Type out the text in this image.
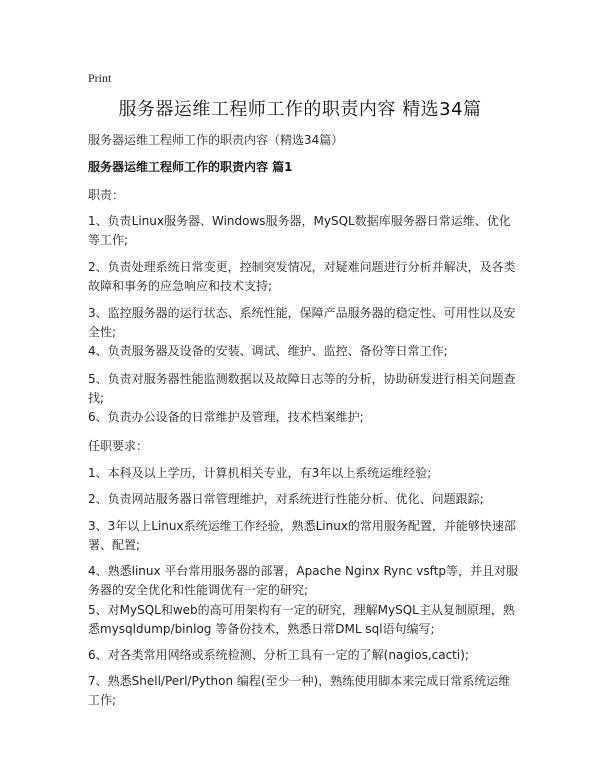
Print
服务器运维工程师工作的职责内容 精选34篇
服务器运维工程师工作的职责内容（精选34篇）
服务器运维工程师工作的职责内容 篇1
职责：
1、负责Linux服务器、Windows服务器，MySQL数据库服务器日常运维、优化等工作;
2、负责处理系统日常变更，控制突发情况，对疑难问题进行分析并解决，及各类故障和事务的应急响应和技术支持;
3、监控服务器的运行状态、系统性能，保障产品服务器的稳定性、可用性以及安全性;
4、负责服务器及设备的安装、调试、维护、监控、备份等日常工作;
5、负责对服务器性能监测数据以及故障日志等的分析，协助研发进行相关问题查找;
6、负责办公设备的日常维护及管理，技术档案维护;
任职要求：
1、本科及以上学历，计算机相关专业，有3年以上系统运维经验;
2、负责网站服务器日常管理维护，对系统进行性能分析、优化、问题跟踪;
3、3年以上Linux系统运维工作经验，熟悉Linux的常用服务配置，并能够快速部署、配置;
4、熟悉linux 平台常用服务器的部署，Apache Nginx Rync vsftp等，并且对服务器的安全优化和性能调优有一定的研究;
5、对MySQL和web的高可用架构有一定的研究，理解MySQL主从复制原理，熟悉mysqldump/binlog 等备份技术，熟悉日常DML sql语句编写;
6、对各类常用网络或系统检测、分析工具有一定的了解(nagios,cacti);
7、熟悉Shell/Perl/Python 编程(至少一种)，熟练使用脚本来完成日常系统运维工作;
